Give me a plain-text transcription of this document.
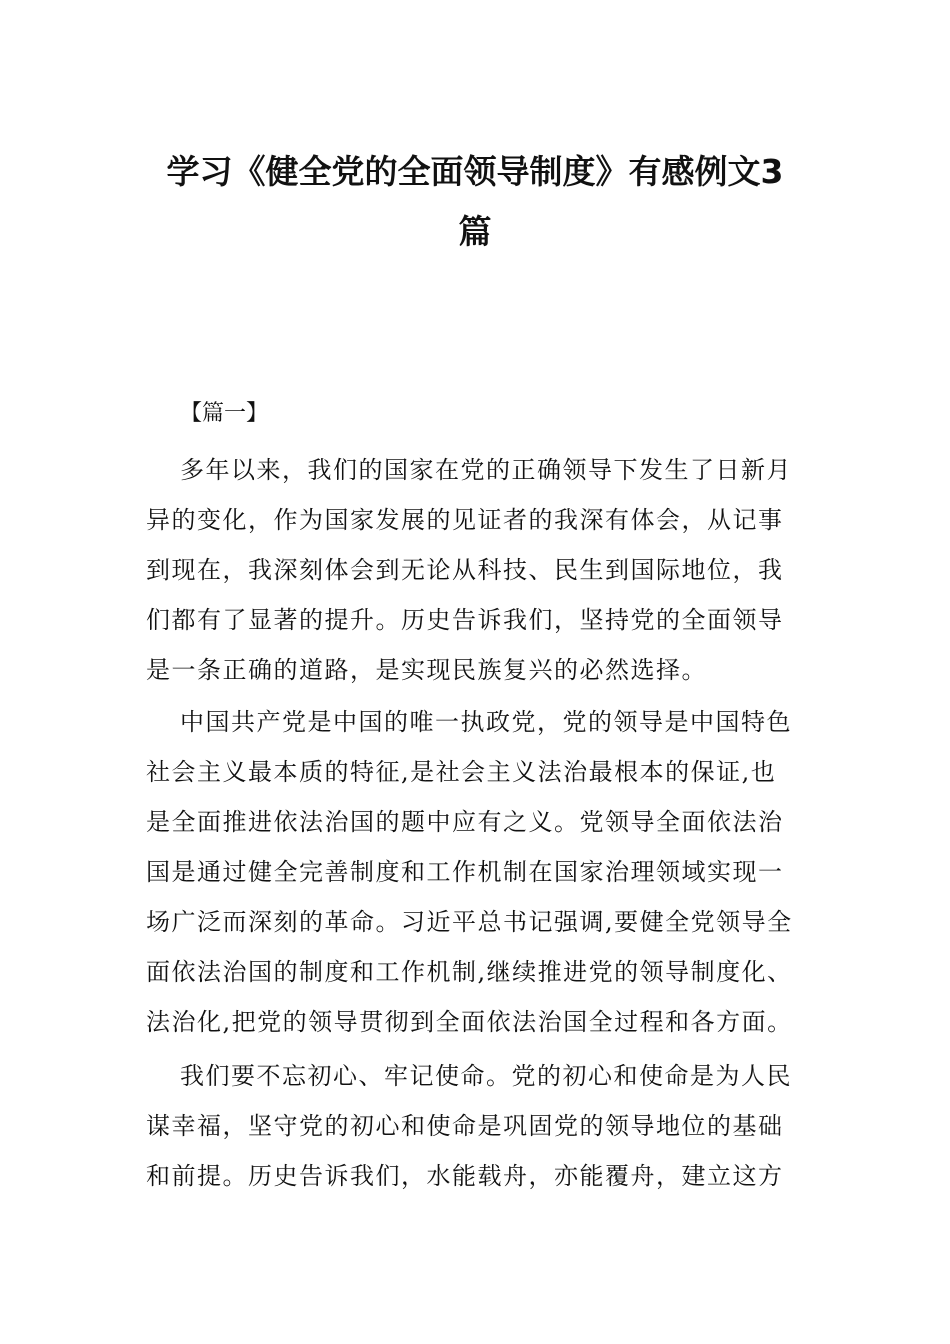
学习《健全党的全面领导制度》有感例文3
篇

【篇一】

多年以来，我们的国家在党的正确领导下发生了日新月
异的变化，作为国家发展的见证者的我深有体会，从记事
到现在，我深刻体会到无论从科技、民生到国际地位，我
们都有了显著的提升。历史告诉我们，坚持党的全面领导
是一条正确的道路，是实现民族复兴的必然选择。
中国共产党是中国的唯一执政党，党的领导是中国特色
社会主义最本质的特征,是社会主义法治最根本的保证,也
是全面推进依法治国的题中应有之义。党领导全面依法治
国是通过健全完善制度和工作机制在国家治理领域实现一
场广泛而深刻的革命。习近平总书记强调,要健全党领导全
面依法治国的制度和工作机制,继续推进党的领导制度化、
法治化,把党的领导贯彻到全面依法治国全过程和各方面。
我们要不忘初心、牢记使命。党的初心和使命是为人民
谋幸福，坚守党的初心和使命是巩固党的领导地位的基础
和前提。历史告诉我们，水能载舟，亦能覆舟，建立这方
